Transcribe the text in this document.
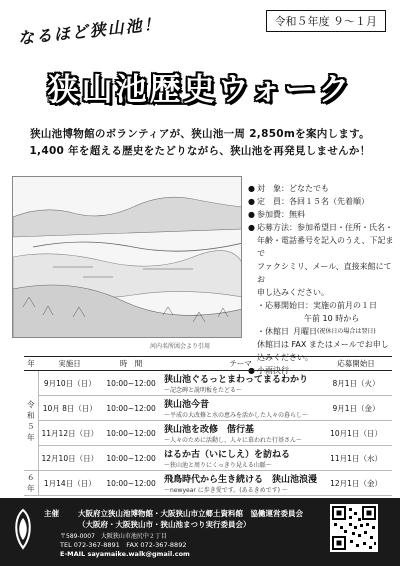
なるほど狭山池！	令和５年度 ９～１月
狭山池歴史ウォーク
狭山池博物館のボランティアが、狭山池一周 2,850mを案内します。
1,400 年を超える歴史をたどりながら、狭山池を再発見しませんか！
河内名所図会より引用
● 対　象： どなたでも
● 定　員： 各回１５名（先着順）
● 参加費： 無料
● 応募方法： 参加希望日・住所・氏名・
年齢・電話番号を記入のうえ、下記まで
ファクシミリ、メール、直接来館にてお
申し込みください。
・応募開始日： 実施の前月の１日
午前 10 時から
・休館日 月曜日 (祝休日の場合は翌日)
休館日は FAX またはメールでお申し
込みください。
● 小雨決行
年	実施日	時　間	テーマ	応募開始日
令和５年	9月10日（日）	10:00~12:00	狭山池ぐるっとまわってまるわかり
～記念碑と説明板をたどる～	8月1日（火）
	10月 8日（日）	10:00~12:00	狭山池今昔
～平成の大改修と水の恵みを活かした人々の暮らし～	9月1日（金）
	11月12日（日）	10:00~12:00	狭山池を改修　偕行基
～人々のために活動し、人々に慕われた行基さん～	10月1日（日）
	12月10日（日）	10:00~12:00	はるか古（いにしえ）を訪ねる
～狭山池と周りにくっきり見える山脈～	11月1日（水）
６年	1月14日（日）	10:00~12:00	飛鳥時代から生き続ける　狭山池浪漫
～newyear に歩き愛です。(あるきめです) ～	12月1日（金）
主催	大阪府立狭山池博物館・大阪狭山市立郷土資料館　協働運営委員会
（大阪府・大阪狭山市・狭山池まつり実行委員会）
〒589-0007　大阪狭山市池尻中２丁目
TEL 072-367-8891　FAX 072-367-8892
E-MAIL sayamaike.walk@gmail.com
